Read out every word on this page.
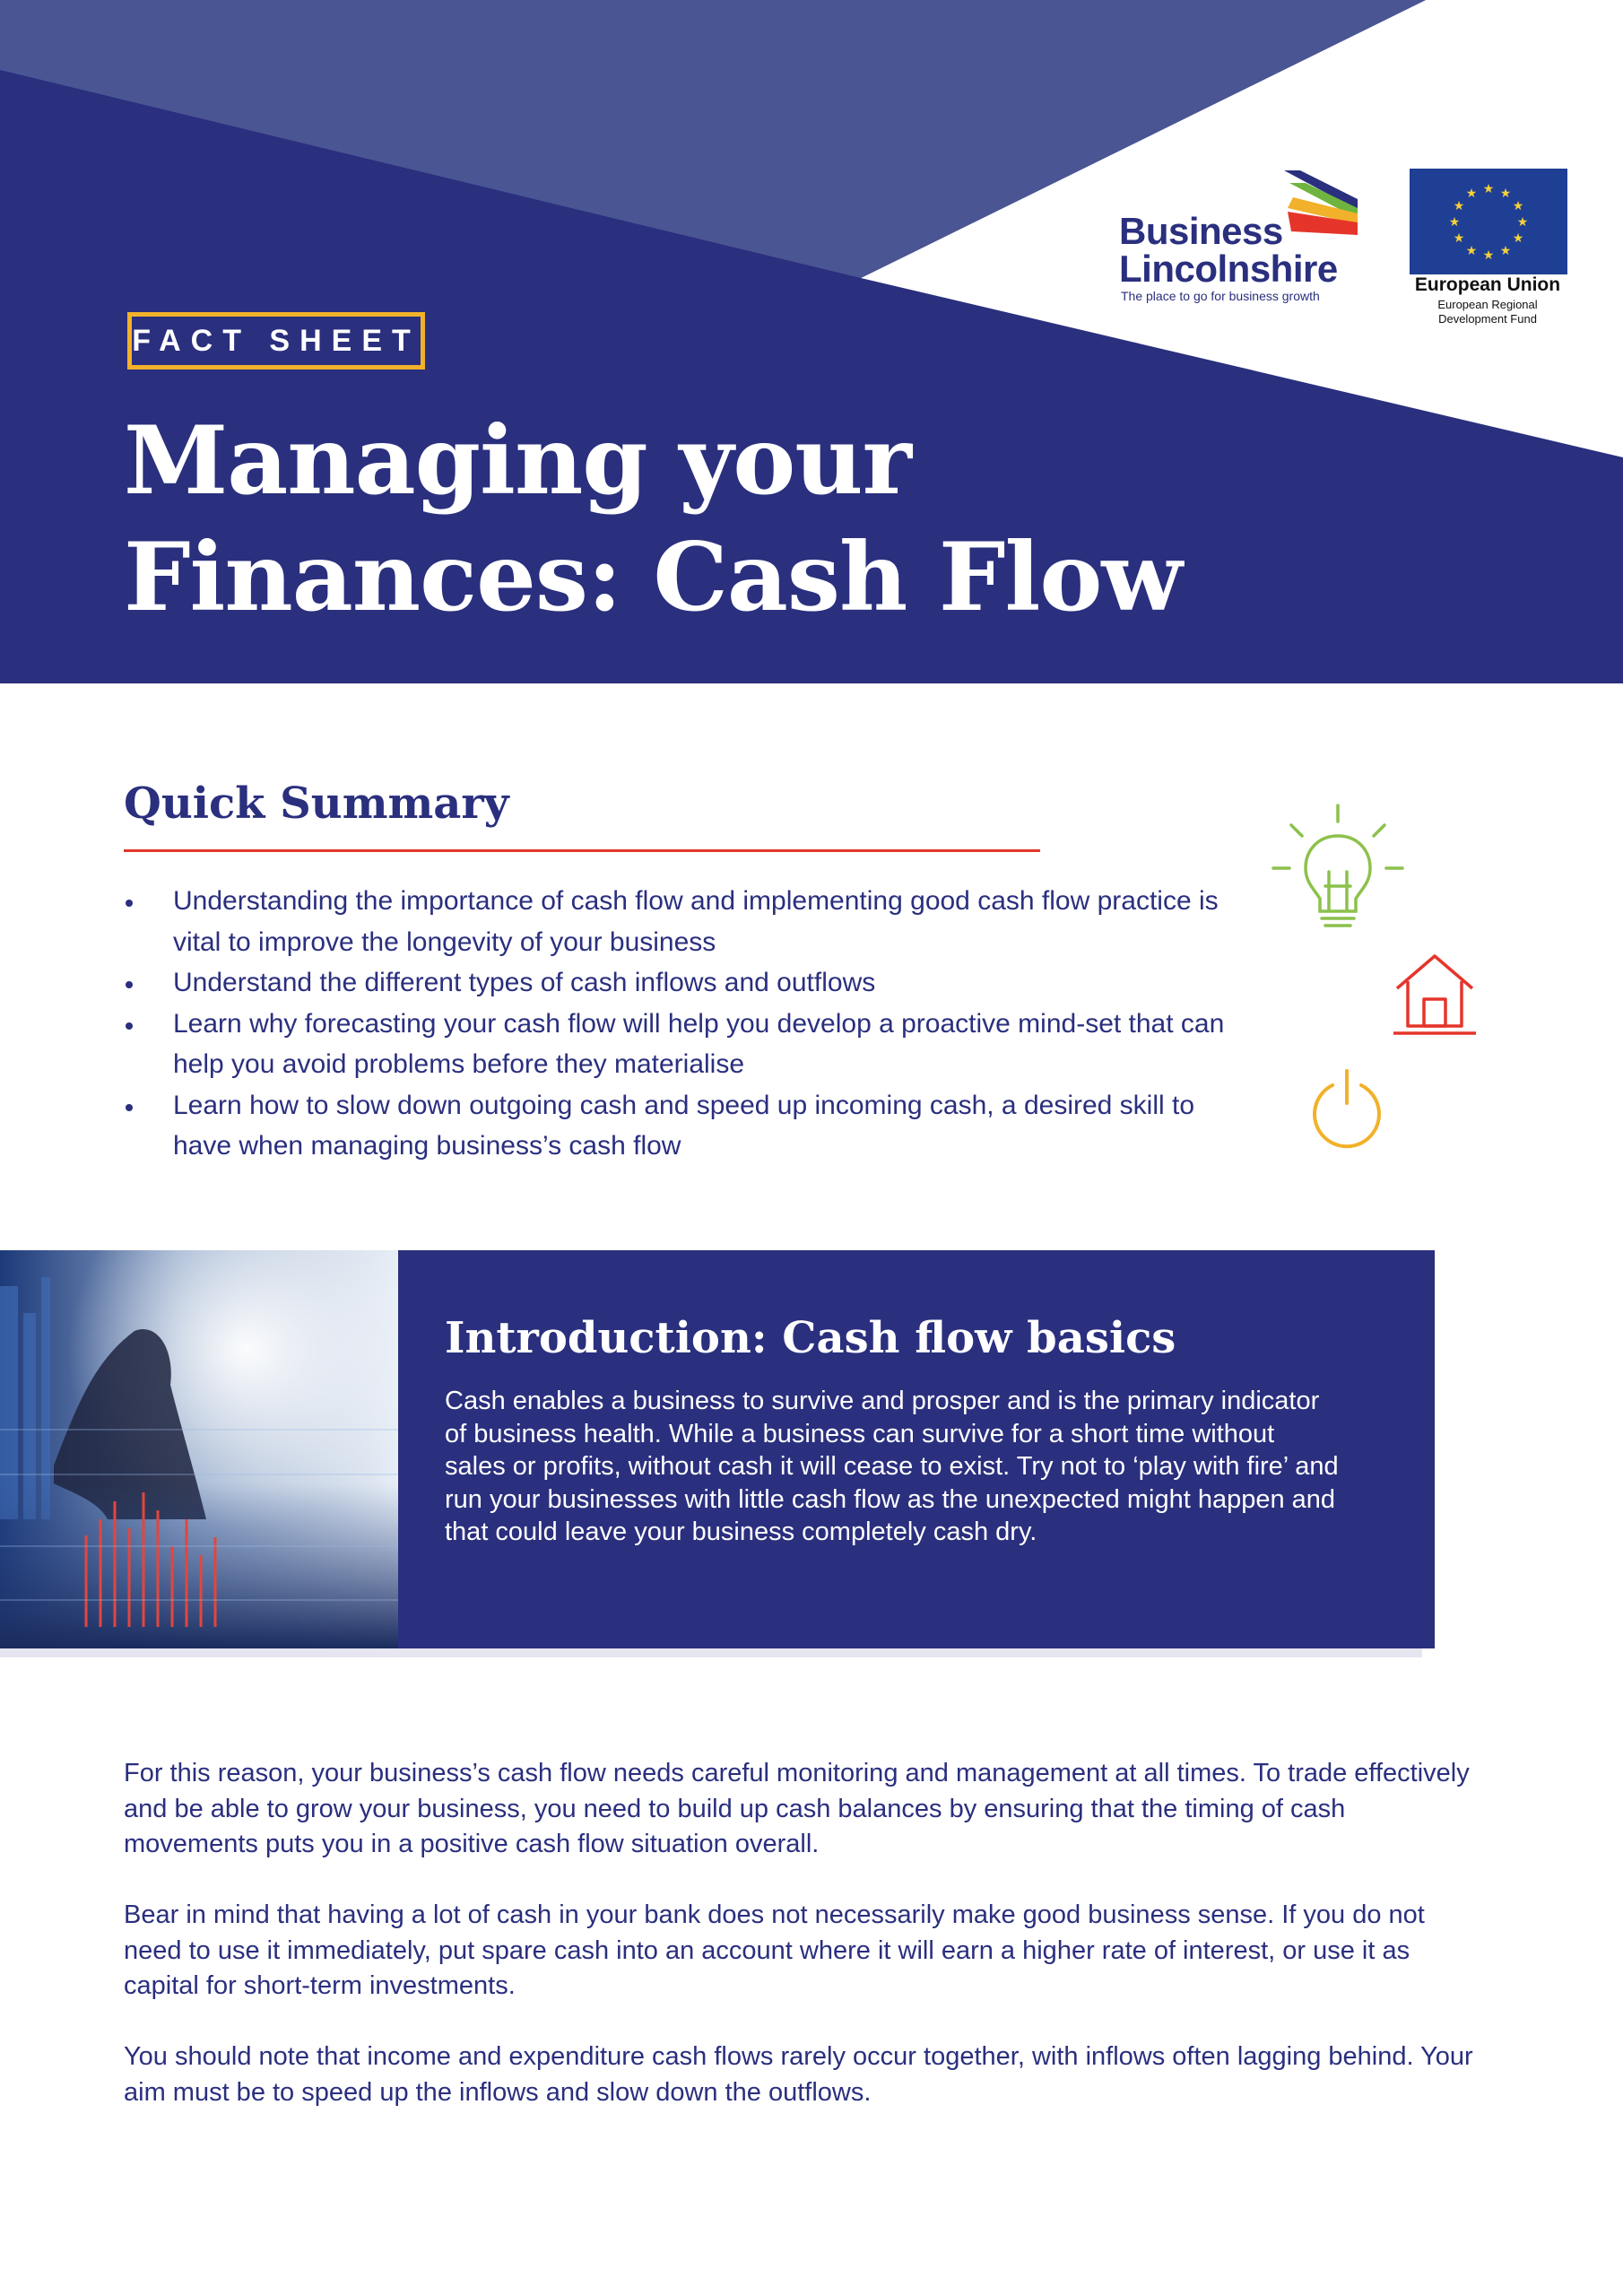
Business
Lincolnshire
The place to go for business growth
★ ★
★
★
★
★
★
★
★
★
★
★
European Union
European Regional
Development Fund
FACT SHEET
Managing your
Finances: Cash Flow
Quick Summary
Understanding the importance of cash flow and implementing good cash flow practice is vital to improve the longevity of your business
Understand the different types of cash inflows and outflows
Learn why forecasting your cash flow will help you develop a proactive mind-set that can help you avoid problems before they materialise
Learn how to slow down outgoing cash and speed up incoming cash, a desired skill to have when managing business’s cash flow
Introduction: Cash flow basics

Cash enables a business to survive and prosper and is the primary indicator of business health. While a business can survive for a short time without sales or profits, without cash it will cease to exist. Try not to ‘play with fire’ and run your businesses with little cash flow as the unexpected might happen and that could leave your business completely cash dry.

For this reason, your business’s cash flow needs careful monitoring and management at all times. To trade effectively and be able to grow your business, you need to build up cash balances by ensuring that the timing of cash movements puts you in a positive cash flow situation overall.

Bear in mind that having a lot of cash in your bank does not necessarily make good business sense. If you do not need to use it immediately, put spare cash into an account where it will earn a higher rate of interest, or use it as capital for short-term investments.

You should note that income and expenditure cash flows rarely occur together, with inflows often lagging behind. Your aim must be to speed up the inflows and slow down the outflows.
